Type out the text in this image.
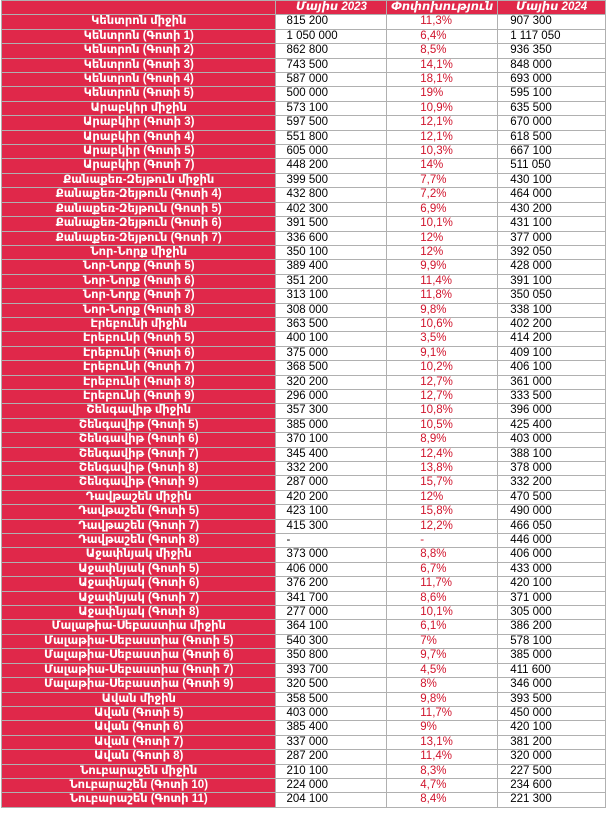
	Մայիս 2023	Փոփոխություն	Մայիս 2024
Կենտրոն միջին	815 200	11,3%	907 300
Կենտրոն (Գոտի 1)	1 050 000	6,4%	1 117 050
Կենտրոն (Գոտի 2)	862 800	8,5%	936 350
Կենտրոն (Գոտի 3)	743 500	14,1%	848 000
Կենտրոն (Գոտի 4)	587 000	18,1%	693 000
Կենտրոն (Գոտի 5)	500 000	19%	595 100
Արաբկիր միջին	573 100	10,9%	635 500
Արաբկիր (Գոտի 3)	597 500	12,1%	670 000
Արաբկիր (Գոտի 4)	551 800	12,1%	618 500
Արաբկիր (Գոտի 5)	605 000	10,3%	667 100
Արաբկիր (Գոտի 7)	448 200	14%	511 050
Քանաքեռ-Զեյթուն միջին	399 500	7,7%	430 100
Քանաքեռ-Զեյթուն (Գոտի 4)	432 800	7,2%	464 000
Քանաքեռ-Զեյթուն (Գոտի 5)	402 300	6,9%	430 200
Քանաքեռ-Զեյթուն (Գոտի 6)	391 500	10,1%	431 100
Քանաքեռ-Զեյթուն (Գոտի 7)	336 600	12%	377 000
Նոր-Նորք միջին	350 100	12%	392 050
Նոր-Նորք (Գոտի 5)	389 400	9,9%	428 000
Նոր-Նորք (Գոտի 6)	351 200	11,4%	391 100
Նոր-Նորք (Գոտի 7)	313 100	11,8%	350 050
Նոր-Նորք (Գոտի 8)	308 000	9,8%	338 100
Էրեբունի միջին	363 500	10,6%	402 200
Էրեբունի (Գոտի 5)	400 100	3,5%	414 200
Էրեբունի (Գոտի 6)	375 000	9,1%	409 100
Էրեբունի (Գոտի 7)	368 500	10,2%	406 100
Էրեբունի (Գոտի 8)	320 200	12,7%	361 000
Էրեբունի (Գոտի 9)	296 000	12,7%	333 500
Շենգավիթ միջին	357 300	10,8%	396 000
Շենգավիթ (Գոտի 5)	385 000	10,5%	425 400
Շենգավիթ (Գոտի 6)	370 100	8,9%	403 000
Շենգավիթ (Գոտի 7)	345 400	12,4%	388 100
Շենգավիթ (Գոտի 8)	332 200	13,8%	378 000
Շենգավիթ (Գոտի 9)	287 000	15,7%	332 200
Դավթաշեն միջին	420 200	12%	470 500
Դավթաշեն (Գոտի 5)	423 100	15,8%	490 000
Դավթաշեն (Գոտի 7)	415 300	12,2%	466 050
Դավթաշեն (Գոտի 8)	-	-	446 000
Աջափնյակ միջին	373 000	8,8%	406 000
Աջափնյակ (Գոտի 5)	406 000	6,7%	433 000
Աջափնյակ (Գոտի 6)	376 200	11,7%	420 100
Աջափնյակ (Գոտի 7)	341 700	8,6%	371 000
Աջափնյակ (Գոտի 8)	277 000	10,1%	305 000
Մալաթիա-Սեբաստիա միջին	364 100	6,1%	386 200
Մալաթիա-Սեբաստիա (Գոտի 5)	540 300	7%	578 100
Մալաթիա-Սեբաստիա (Գոտի 6)	350 800	9,7%	385 000
Մալաթիա-Սեբաստիա (Գոտի 7)	393 700	4,5%	411 600
Մալաթիա-Սեբաստիա (Գոտի 9)	320 500	8%	346 000
Ավան միջին	358 500	9,8%	393 500
Ավան (Գոտի 5)	403 000	11,7%	450 000
Ավան (Գոտի 6)	385 400	9%	420 100
Ավան (Գոտի 7)	337 000	13,1%	381 200
Ավան (Գոտի 8)	287 200	11,4%	320 000
Նուբարաշեն միջին	210 100	8,3%	227 500
Նուբարաշեն (Գոտի 10)	224 000	4,7%	234 600
Նուբարաշեն (Գոտի 11)	204 100	8,4%	221 300
